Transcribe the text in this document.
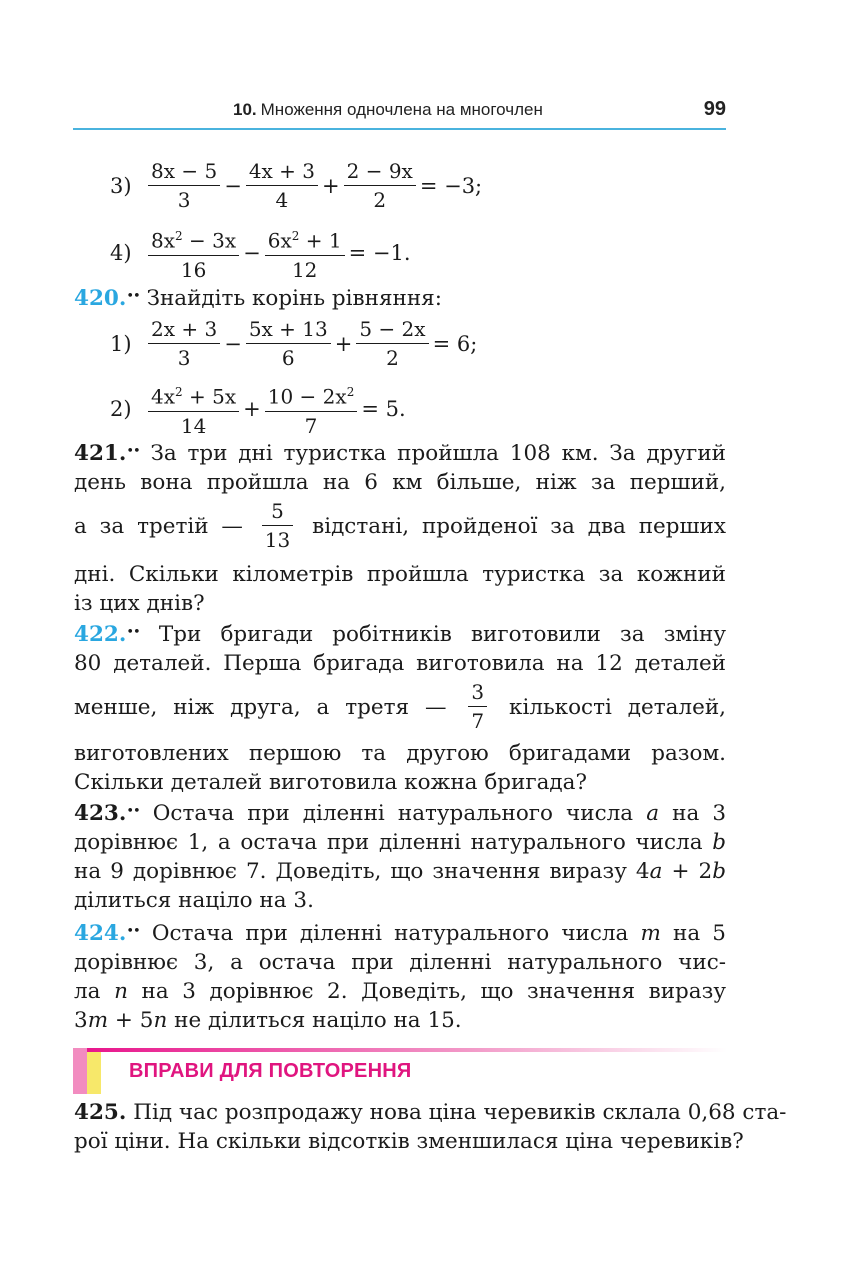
10. Множення одночлена на многочлен	99
$3) \frac{8x - 5}{3} - \frac{4x + 3}{4} + \frac{2 - 9x}{2} = -3$;
$4) \frac{8x^2 - 3x}{16} - \frac{6x^2 + 1}{12} = -1$.
420.•• Знайдіть корінь рівняння:
$1) \frac{2x + 3}{3} - \frac{5x + 13}{6} + \frac{5 - 2x}{2} = 6$;
$2) \frac{4x^2 + 5x}{14} + \frac{10 - 2x^2}{7} = 5$.
421.•• За три дні туристка пройшла 108 км. За другий
день вона пройшла на 6 км більше, ніж за перший,
а за третій — $\frac{5}{13}$ відстані, пройденої за два перших
дні. Скільки кілометрів пройшла туристка за кожний
із цих днів?
422.•• Три бригади робітників виготовили за зміну
80 деталей. Перша бригада виготовила на 12 деталей
менше, ніж друга, а третя — $\frac{3}{7}$ кількості деталей,
виготовлених першою та другою бригадами разом.
Скільки деталей виготовила кожна бригада?
423.•• Остача при діленні натурального числа a на 3
дорівнює 1, а остача при діленні натурального числа b
на 9 дорівнює 7. Доведіть, що значення виразу 4a + 2b
ділиться націло на 3.
424.•• Остача при діленні натурального числа m на 5
дорівнює 3, а остача при діленні натурального чис-
ла n на 3 дорівнює 2. Доведіть, що значення виразу
3m + 5n не ділиться націло на 15.
ВПРАВИ ДЛЯ ПОВТОРЕННЯ
425. Під час розпродажу нова ціна черевиків склала 0,68 ста-
рої ціни. На скільки відсотків зменшилася ціна черевиків?
